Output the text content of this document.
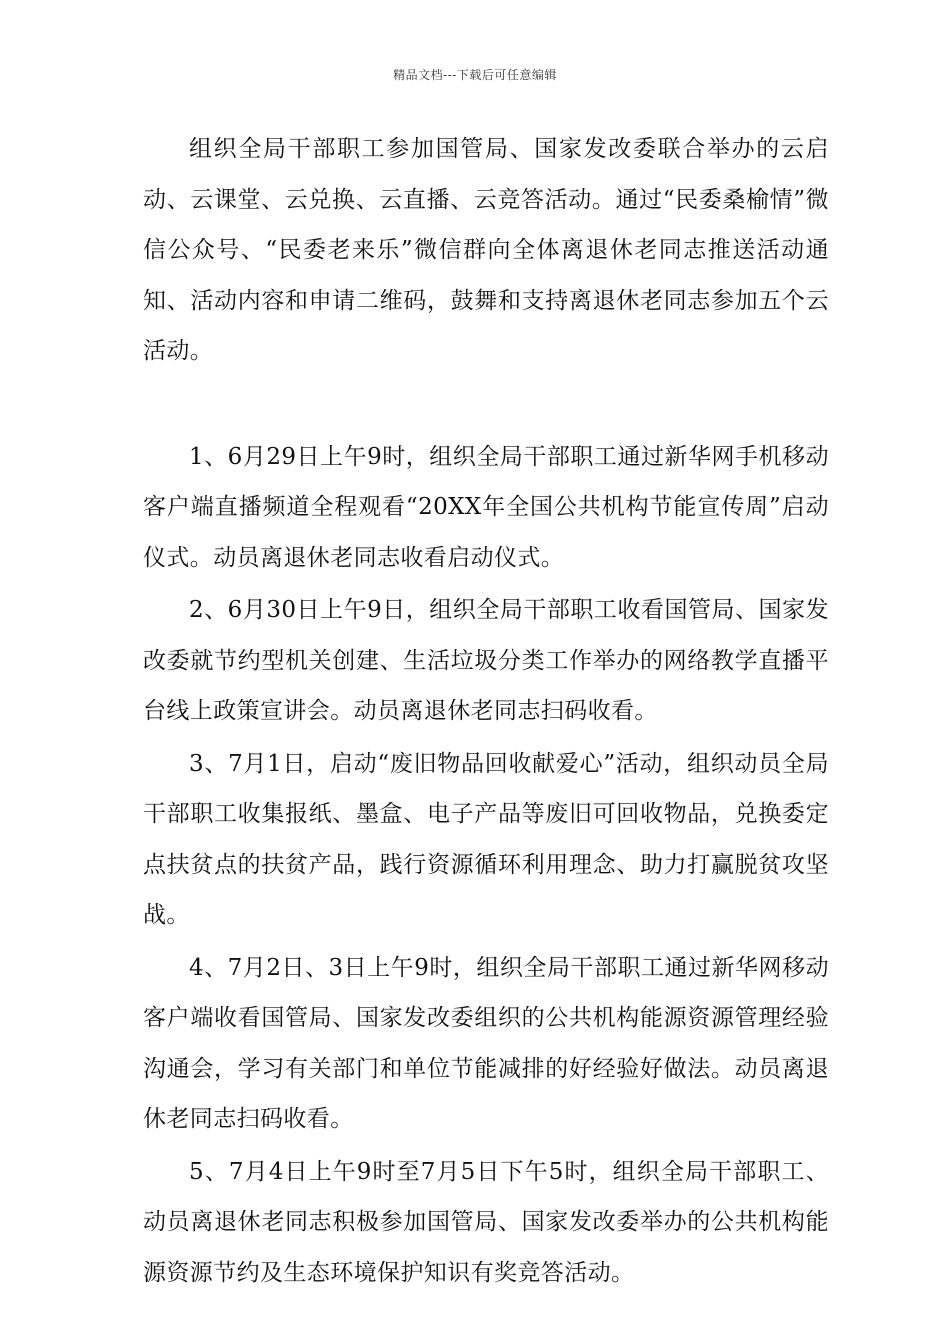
精品文档---下载后可任意编辑

组织全局干部职工参加国管局、国家发改委联合举办的云启动、云课堂、云兑换、云直播、云竞答活动。通过“民委桑榆情”微信公众号、“民委老来乐”微信群向全体离退休老同志推送活动通知、活动内容和申请二维码，鼓舞和支持离退休老同志参加五个云活动。

1、6月29日上午9时，组织全局干部职工通过新华网手机移动客户端直播频道全程观看“20XX年全国公共机构节能宣传周”启动仪式。动员离退休老同志收看启动仪式。

2、6月30日上午9日，组织全局干部职工收看国管局、国家发改委就节约型机关创建、生活垃圾分类工作举办的网络教学直播平台线上政策宣讲会。动员离退休老同志扫码收看。

3、7月1日，启动“废旧物品回收献爱心”活动，组织动员全局干部职工收集报纸、墨盒、电子产品等废旧可回收物品，兑换委定点扶贫点的扶贫产品，践行资源循环利用理念、助力打赢脱贫攻坚战。

4、7月2日、3日上午9时，组织全局干部职工通过新华网移动客户端收看国管局、国家发改委组织的公共机构能源资源管理经验沟通会，学习有关部门和单位节能减排的好经验好做法。动员离退休老同志扫码收看。

5、7月4日上午9时至7月5日下午5时，组织全局干部职工、动员离退休老同志积极参加国管局、国家发改委举办的公共机构能源资源节约及生态环境保护知识有奖竞答活动。
